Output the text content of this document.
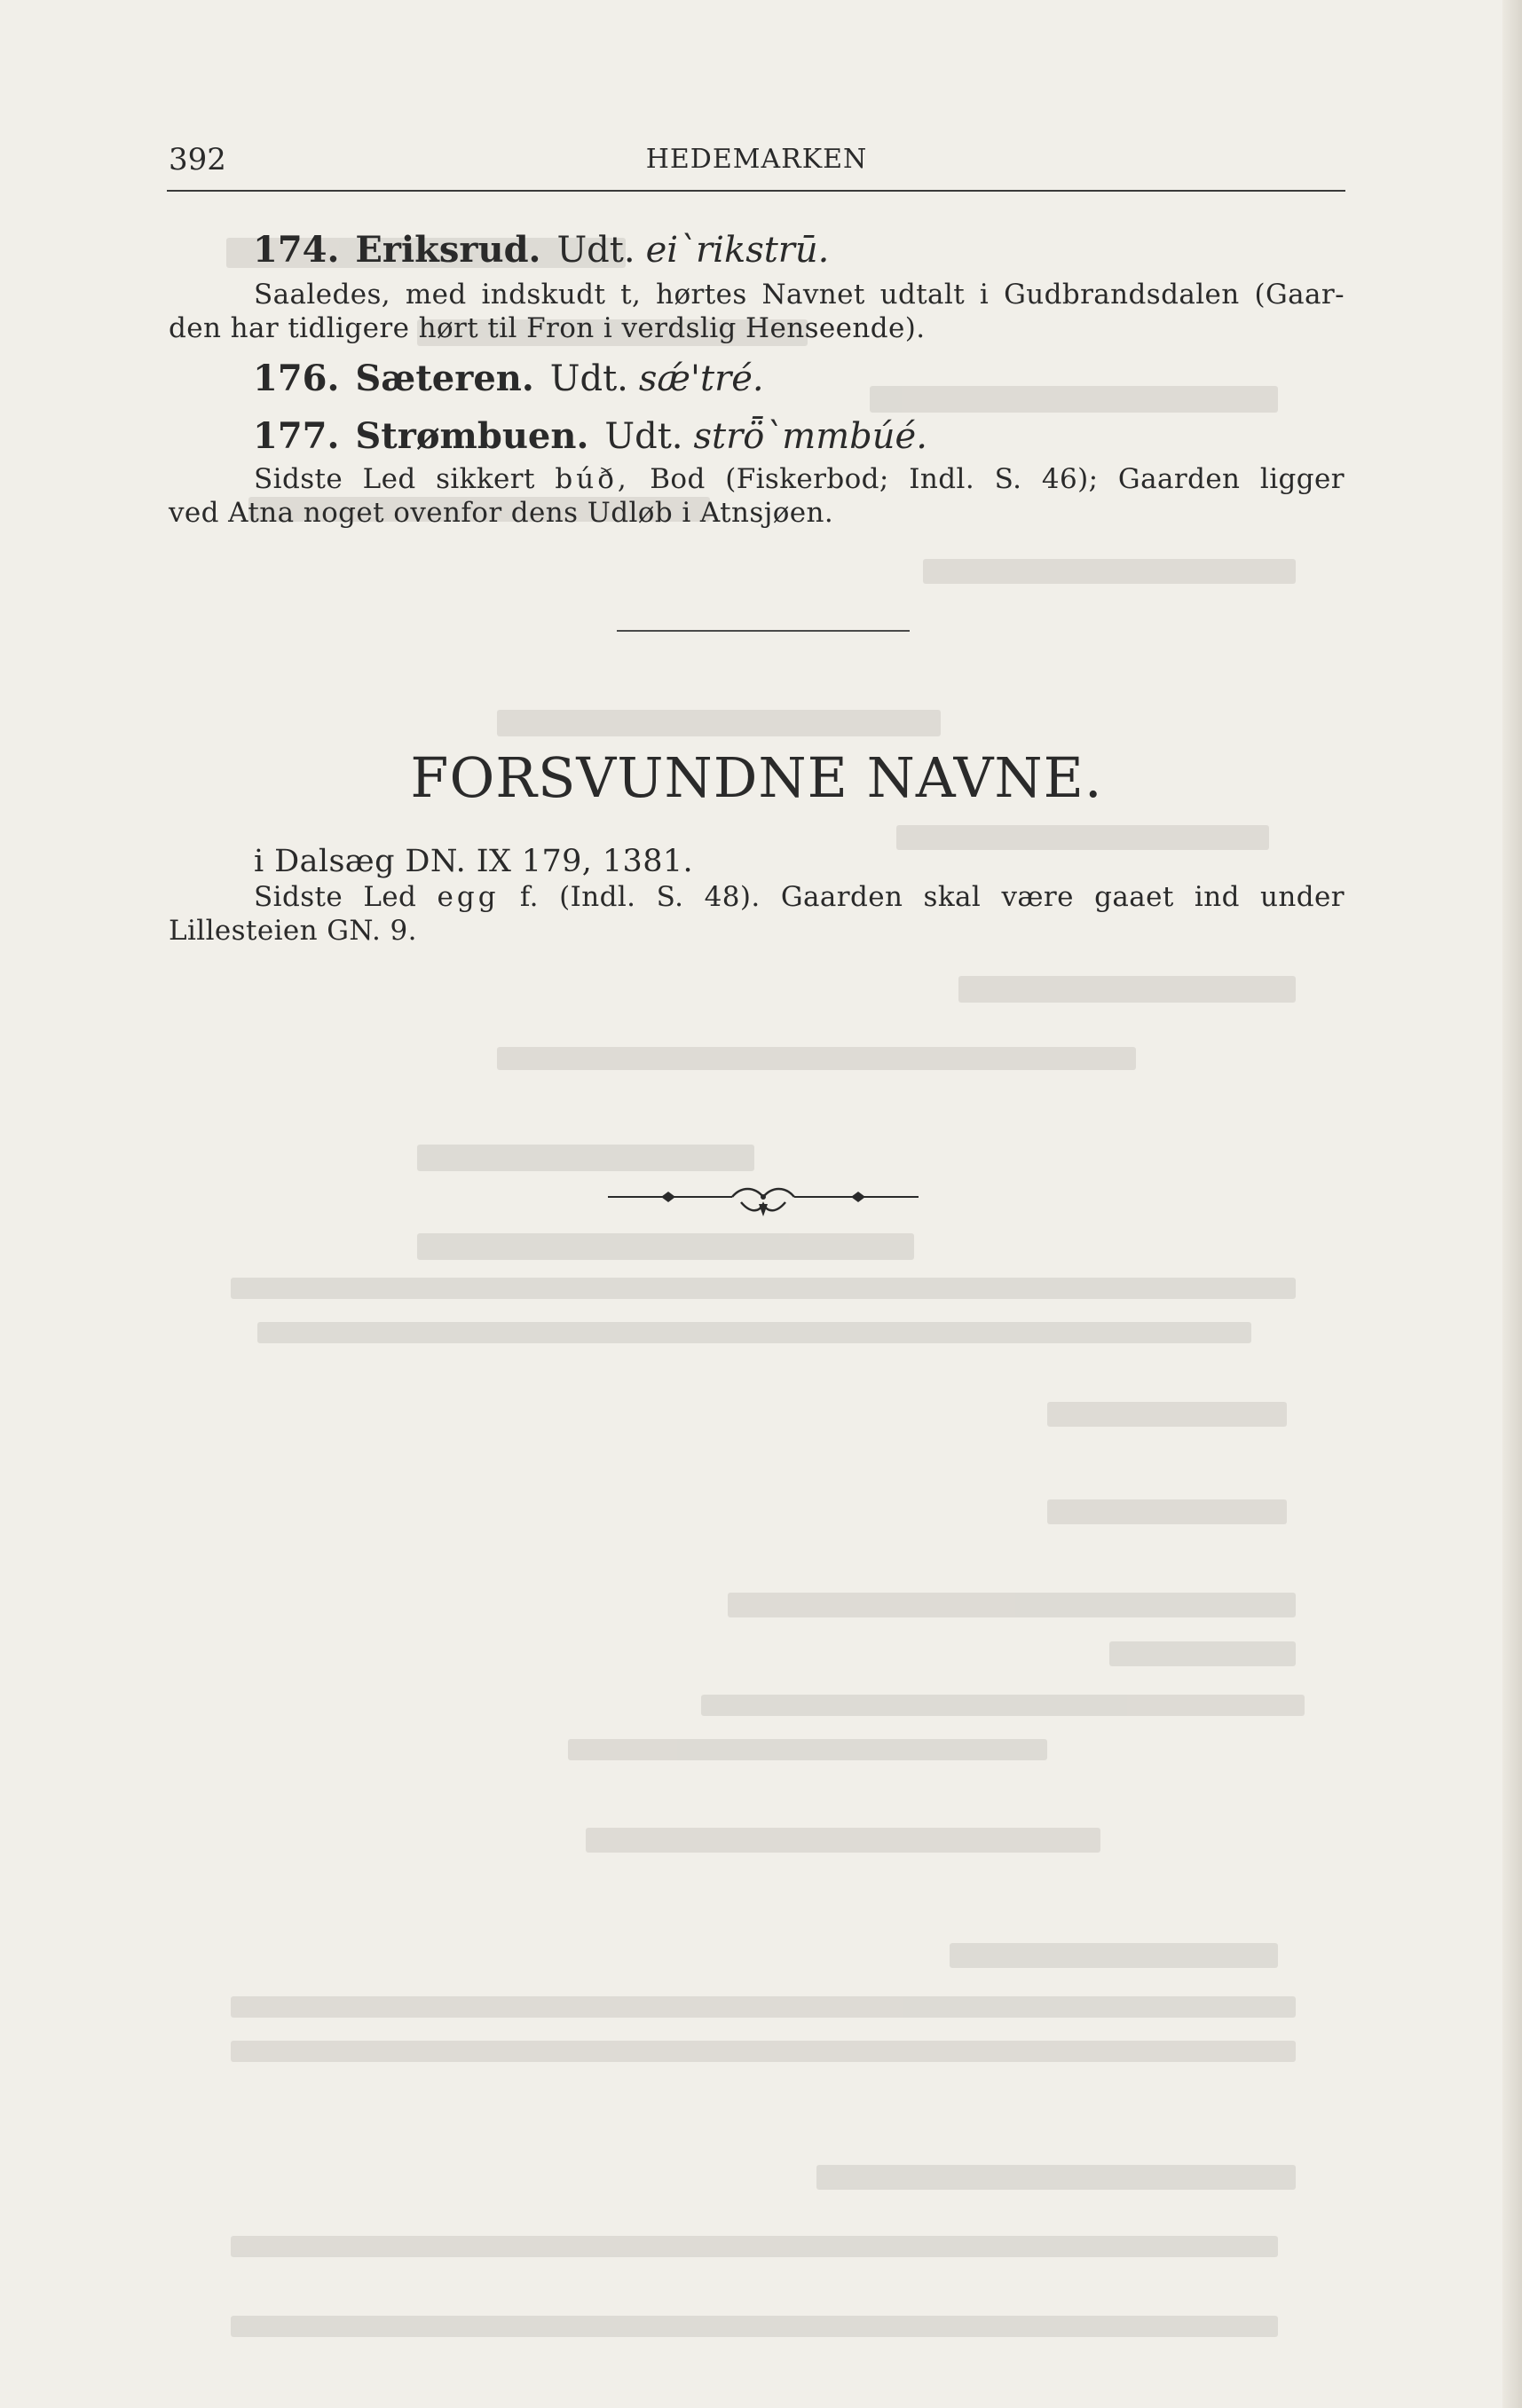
392	HEDEMARKEN
174. Eriksrud. Udt. eiˋrikstrū.

Saaledes, med indskudt t, hørtes Navnet udtalt i Gudbrandsdalen (Gaar-

den har tidligere hørt til Fron i verdslig Henseende).

176. Sæteren. Udt. sǽ'tré.
177. Strømbuen. Udt. strȫˋmmbúé.

Sidste Led sikkert búð, Bod (Fiskerbod; Indl. S. 46); Gaarden ligger

ved Atna noget ovenfor dens Udløb i Atnsjøen.

FORSVUNDNE NAVNE.

i Dalsæg DN. IX 179, 1381.

Sidste Led egg f. (Indl. S. 48). Gaarden skal være gaaet ind under

Lillesteien GN. 9.
